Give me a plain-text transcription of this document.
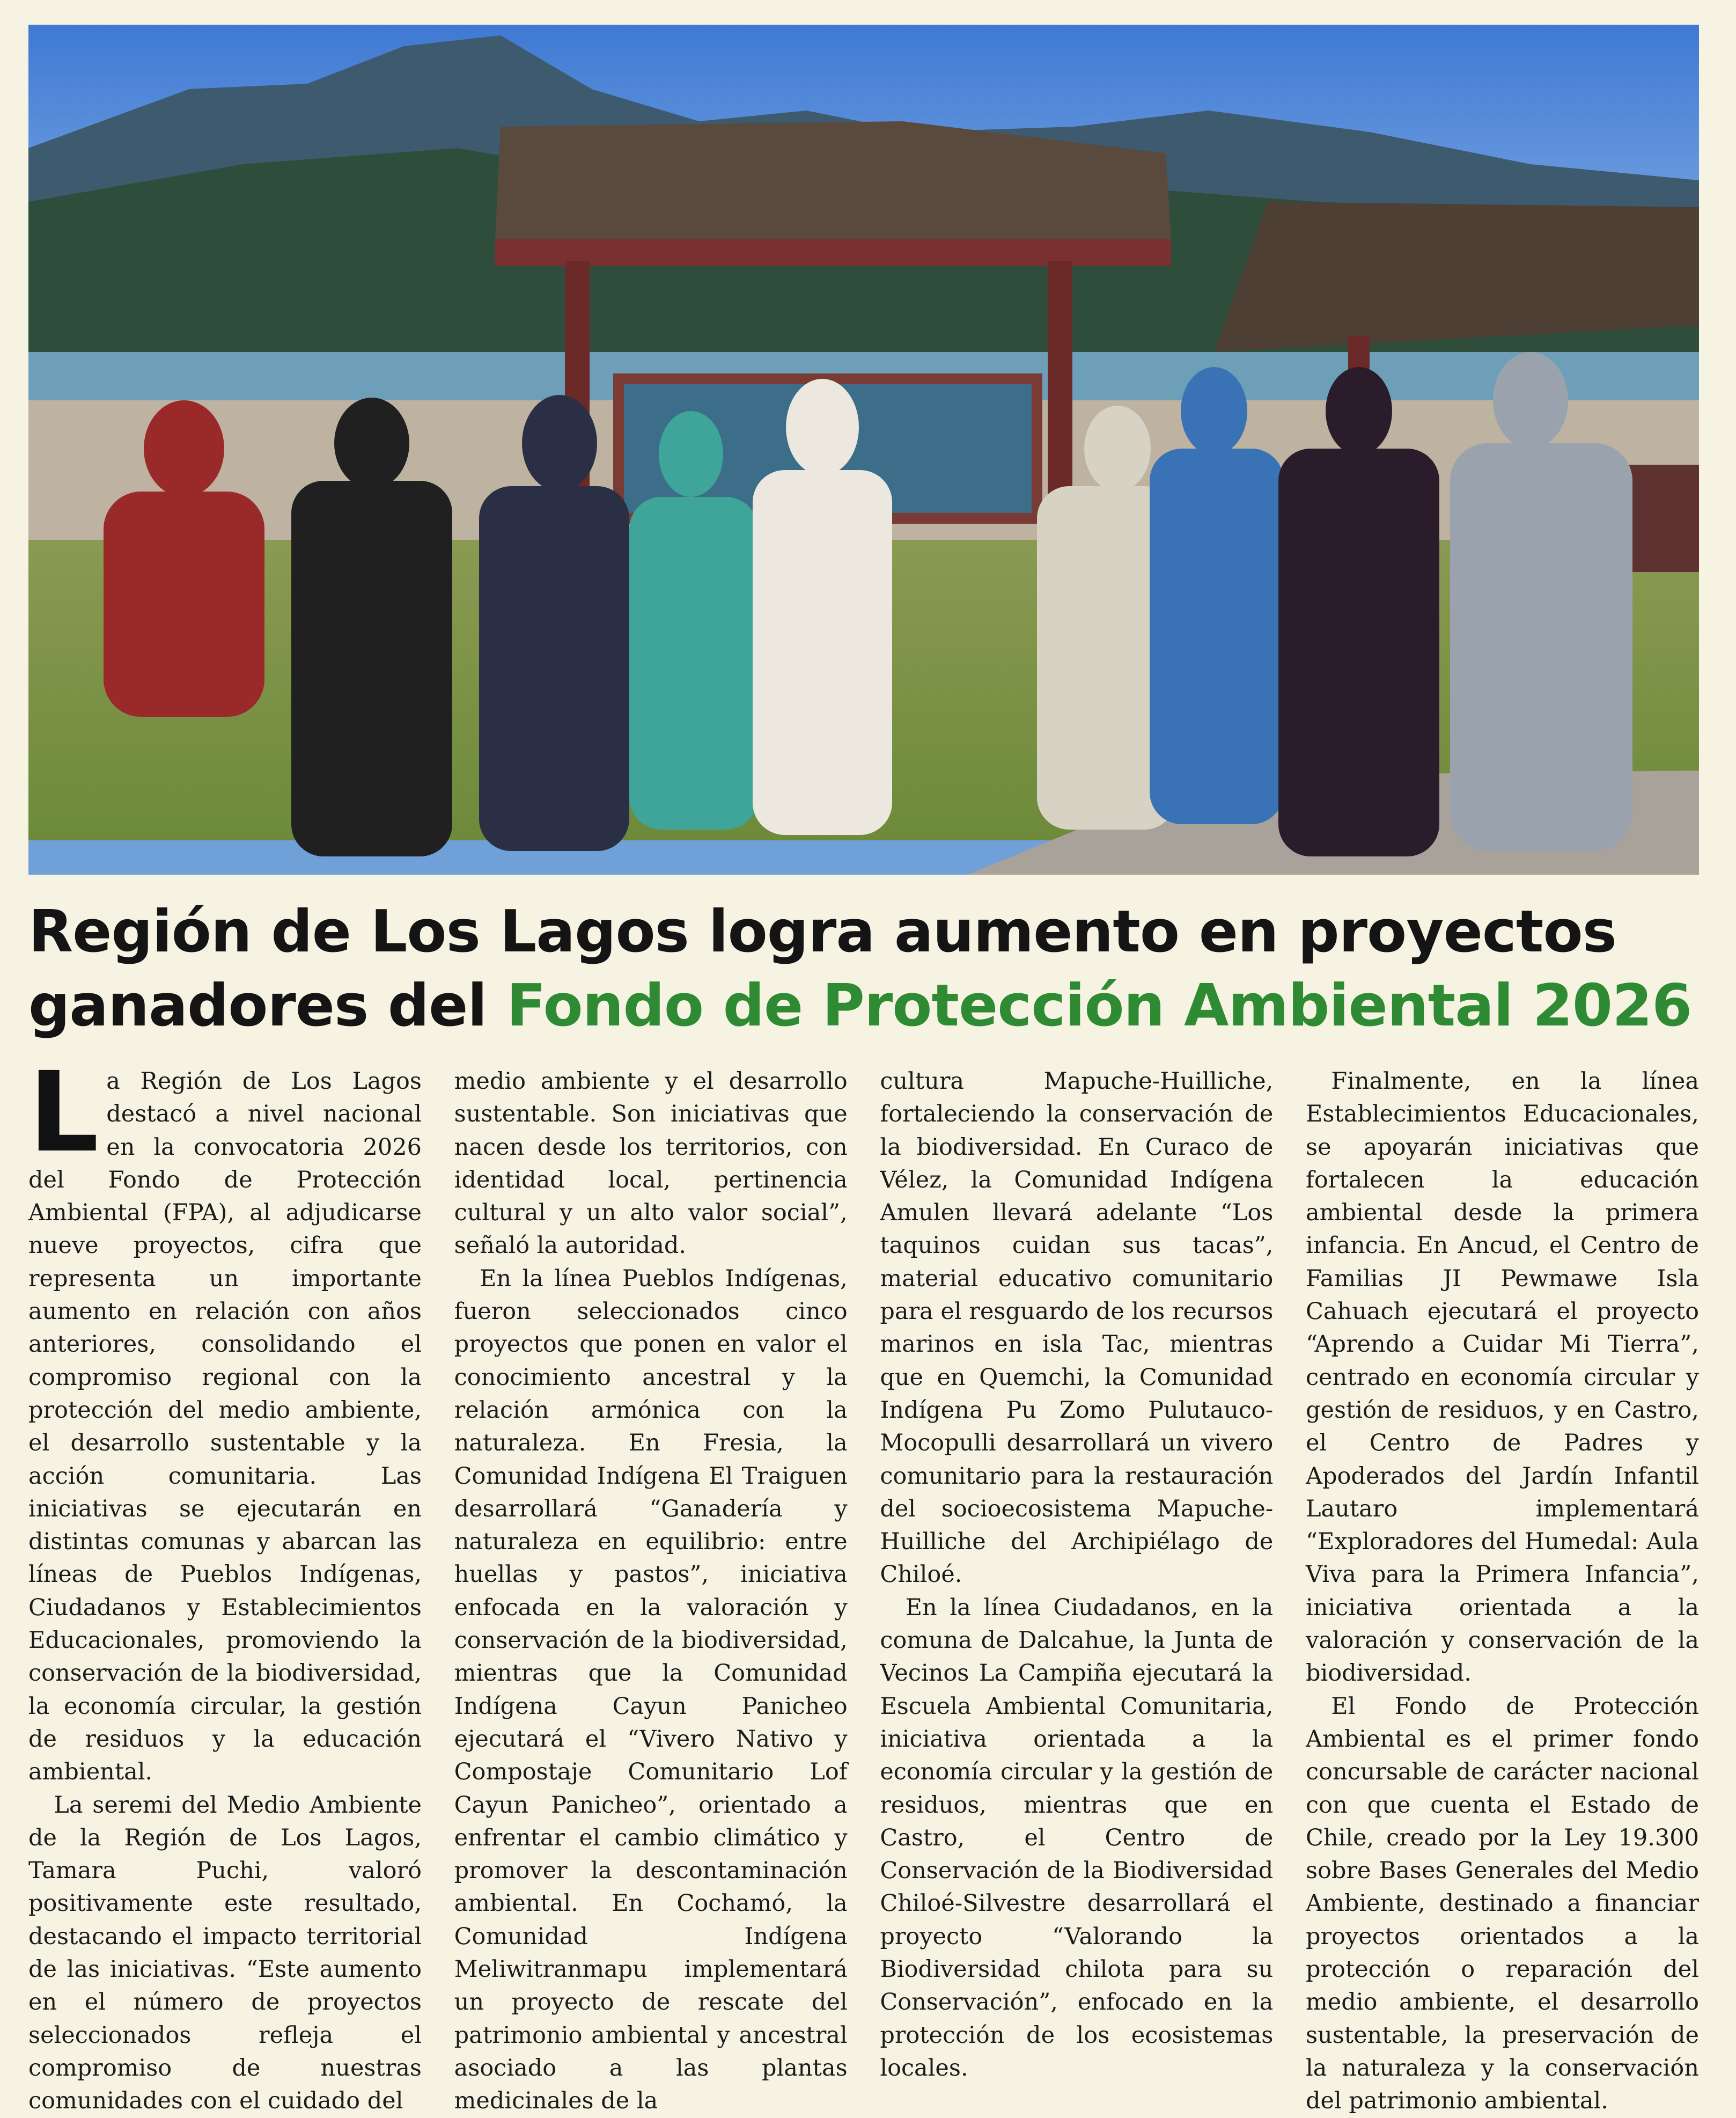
Región de Los Lagos logra aumento en proyectos
ganadores del Fondo de Protección Ambiental 2026

La Región de Los Lagos destacó a nivel nacional en la convocatoria 2026 del Fondo de Protección Ambiental (FPA), al adjudicarse nueve proyectos, cifra que representa un importante aumento en relación con años anteriores, consolidando el compromiso regional con la protección del medio ambiente, el desarrollo sustentable y la acción comunitaria. Las iniciativas se ejecutarán en distintas comunas y abarcan las líneas de Pueblos Indígenas, Ciudadanos y Establecimientos Educacionales, promoviendo la conservación de la biodiversidad, la economía circular, la gestión de residuos y la educación ambiental.

La seremi del Medio Ambiente de la Región de Los Lagos, Tamara Puchi, valoró positivamente este resultado, destacando el impacto territorial de las iniciativas. “Este aumento en el número de proyectos seleccionados refleja el compromiso de nuestras comunidades con el cuidado del

medio ambiente y el desarrollo sustentable. Son iniciativas que nacen desde los territorios, con identidad local, pertinencia cultural y un alto valor social”, señaló la autoridad.

En la línea Pueblos Indígenas, fueron seleccionados cinco proyectos que ponen en valor el conocimiento ancestral y la relación armónica con la naturaleza. En Fresia, la Comunidad Indígena El Traiguen desarrollará “Ganadería y naturaleza en equilibrio: entre huellas y pastos”, iniciativa enfocada en la valoración y conservación de la biodiversidad, mientras que la Comunidad Indígena Cayun Panicheo ejecutará el “Vivero Nativo y Compostaje Comunitario Lof Cayun Panicheo”, orientado a enfrentar el cambio climático y promover la descontaminación ambiental. En Cochamó, la Comunidad Indígena Meliwitranmapu implementará un proyecto de rescate del patrimonio ambiental y ancestral asociado a las plantas medicinales de la

cultura Mapuche-Huilliche, fortaleciendo la conservación de la biodiversidad. En Curaco de Vélez, la Comunidad Indígena Amulen llevará adelante “Los taquinos cuidan sus tacas”, material educativo comunitario para el resguardo de los recursos marinos en isla Tac, mientras que en Quemchi, la Comunidad Indígena Pu Zomo Pulutauco-Mocopulli desarrollará un vivero comunitario para la restauración del socioecosistema Mapuche-Huilliche del Archipiélago de Chiloé.

En la línea Ciudadanos, en la comuna de Dalcahue, la Junta de Vecinos La Campiña ejecutará la Escuela Ambiental Comunitaria, iniciativa orientada a la economía circular y la gestión de residuos, mientras que en Castro, el Centro de Conservación de la Biodiversidad Chiloé-Silvestre desarrollará el proyecto “Valorando la Biodiversidad chilota para su Conservación”, enfocado en la protección de los ecosistemas locales.

Finalmente, en la línea Establecimientos Educacionales, se apoyarán iniciativas que fortalecen la educación ambiental desde la primera infancia. En Ancud, el Centro de Familias JI Pewmawe Isla Cahuach ejecutará el proyecto “Aprendo a Cuidar Mi Tierra”, centrado en economía circular y gestión de residuos, y en Castro, el Centro de Padres y Apoderados del Jardín Infantil Lautaro implementará “Exploradores del Humedal: Aula Viva para la Primera Infancia”, iniciativa orientada a la valoración y conservación de la biodiversidad.

El Fondo de Protección Ambiental es el primer fondo concursable de carácter nacional con que cuenta el Estado de Chile, creado por la Ley 19.300 sobre Bases Generales del Medio Ambiente, destinado a financiar proyectos orientados a la protección o reparación del medio ambiente, el desarrollo sustentable, la preservación de la naturaleza y la conservación del patrimonio ambiental.
